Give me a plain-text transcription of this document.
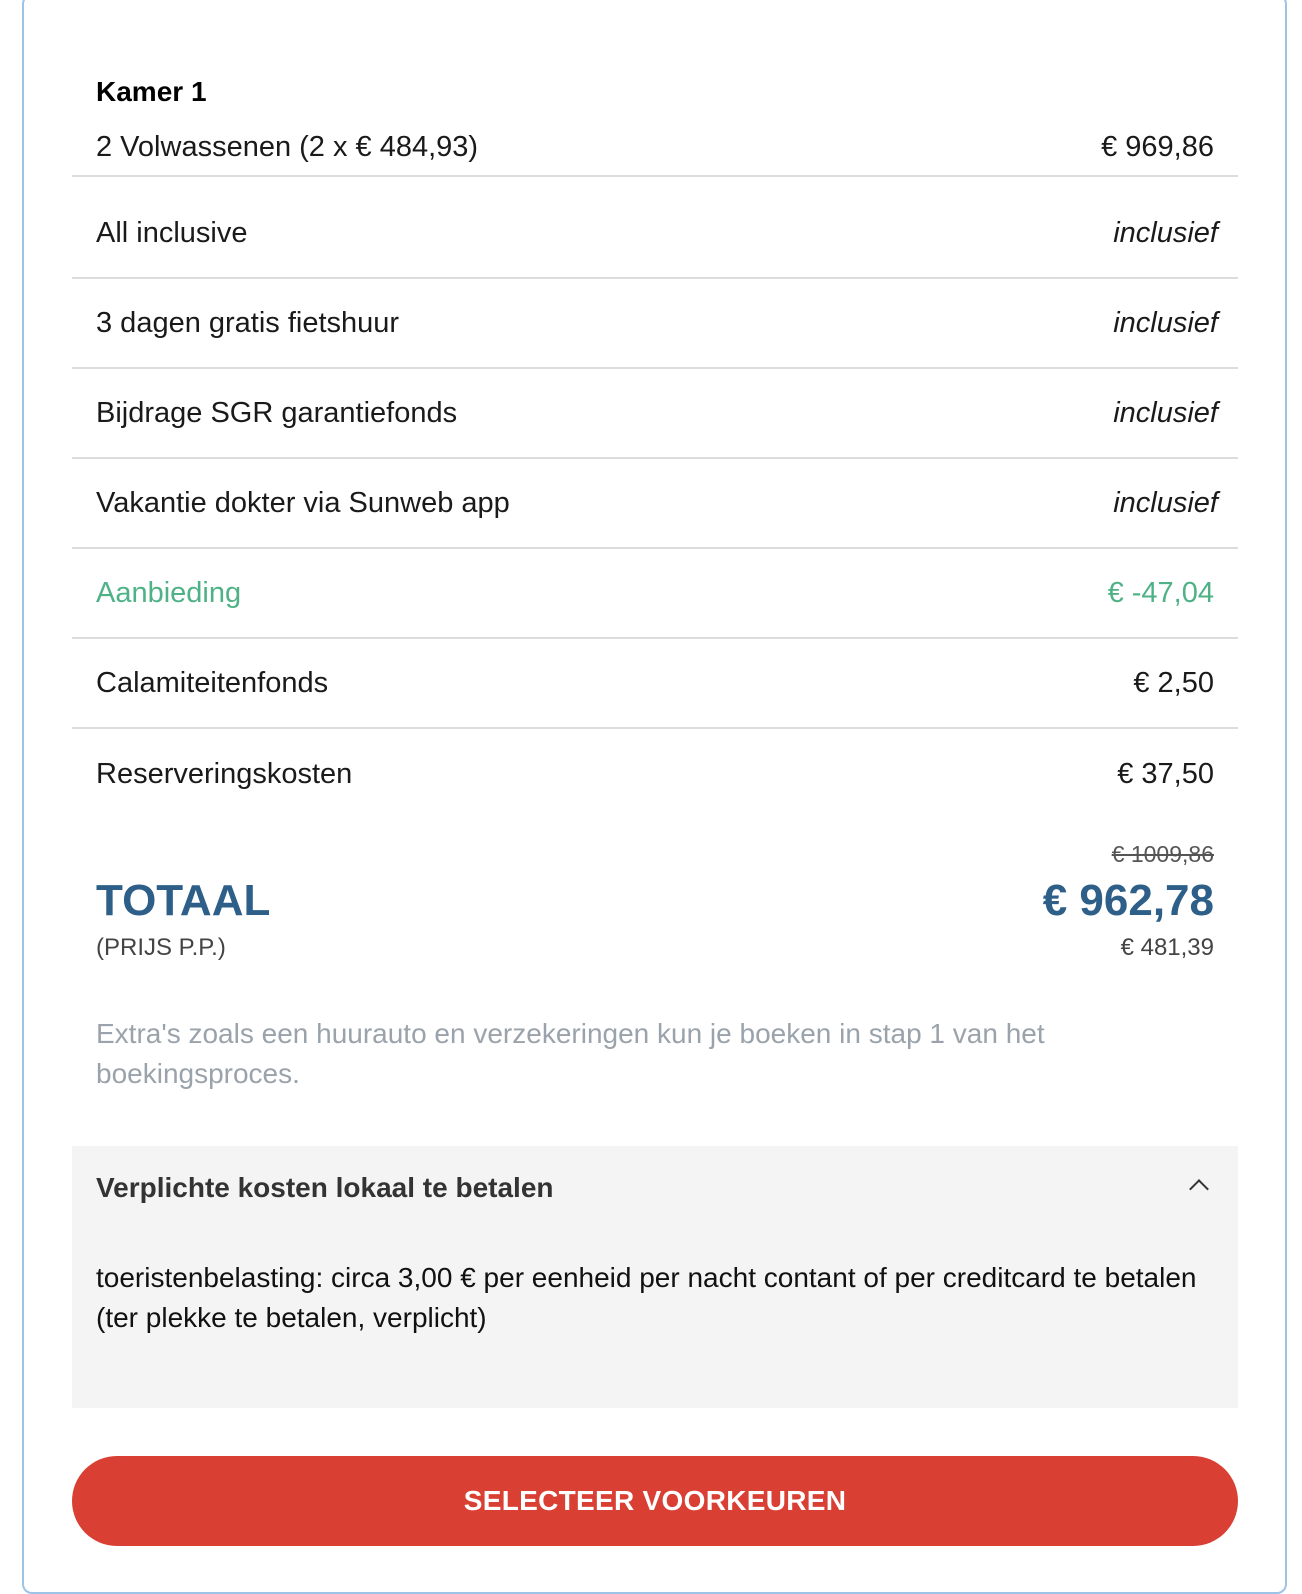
Kamer 1
2 Volwassenen (2 x € 484,93)	€ 969,86
All inclusive	inclusief
3 dagen gratis fietshuur	inclusief
Bijdrage SGR garantiefonds	inclusief
Vakantie dokter via Sunweb app	inclusief
Aanbieding	€ -47,04
Calamiteitenfonds	€ 2,50
Reserveringskosten	€ 37,50
€ 1009,86
TOTAAL	€ 962,78
(PRIJS P.P.)	€ 481,39
Extra's zoals een huurauto en verzekeringen kun je boeken in stap 1 van het boekingsproces.
Verplichte kosten lokaal te betalen
toeristenbelasting: circa 3,00 € per eenheid per nacht contant of per creditcard te betalen (ter plekke te betalen, verplicht)
SELECTEER VOORKEUREN
